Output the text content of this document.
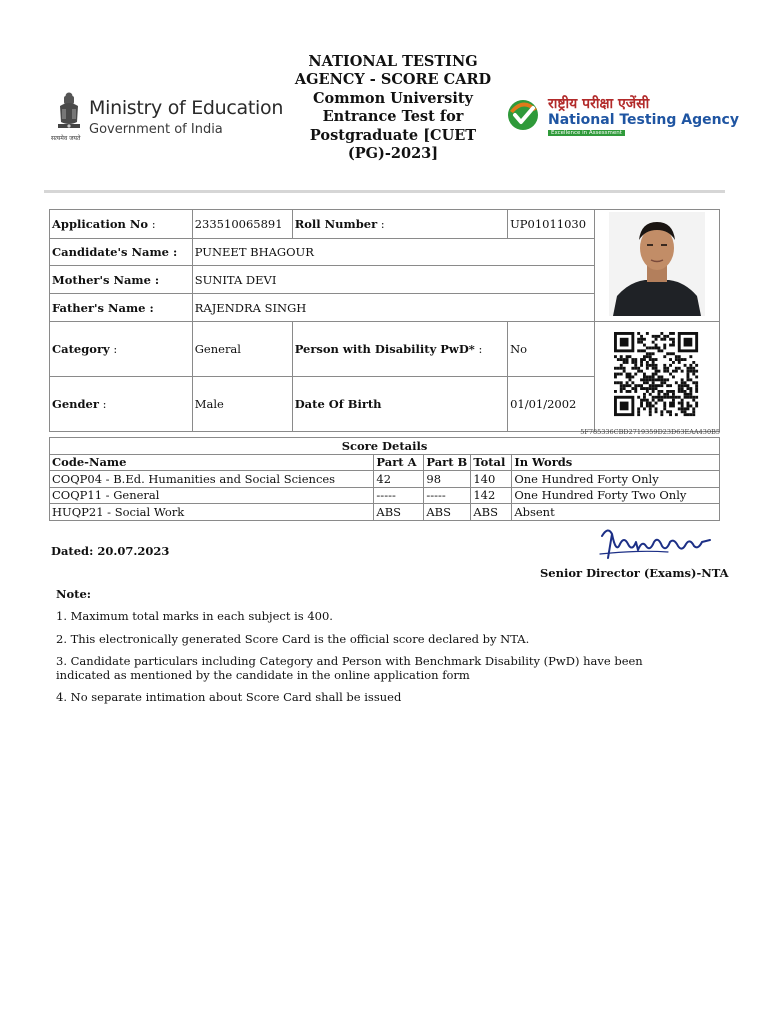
Ministry of Education
Government of India
सत्यमेव जयते
NATIONAL TESTING AGENCY - SCORE CARD Common University Entrance Test for Postgraduate [CUET (PG)-2023]
राष्ट्रीय परीक्षा एजेंसी
National Testing Agency
Excellence in Assessment
Application No :	233510065891	Roll Number :	UP01011030	
Candidate's Name :	PUNEET BHAGOUR			
Mother's Name :	SUNITA DEVI			
Father's Name :	RAJENDRA SINGH			
Category :	General	Person with Disability PwD* :	No	
Gender :	Male	Date Of Birth	01/01/2002	
5F785336CBD2719359D23D63EAA430B5
Score Details				
Code-Name	Part A	Part B	Total	In Words
COQP04 - B.Ed. Humanities and Social Sciences	42	98	140	One Hundred Forty Only
COQP11 - General	-----	-----	142	One Hundred Forty Two Only
HUQP21 - Social Work	ABS	ABS	ABS	Absent
Dated: 20.07.2023
Senior Director (Exams)-NTA
Note:
1. Maximum total marks in each subject is 400.
2. This electronically generated Score Card is the official score declared by NTA.
3. Candidate particulars including Category and Person with Benchmark Disability (PwD) have been indicated as mentioned by the candidate in the online application form
4. No separate intimation about Score Card shall be issued
